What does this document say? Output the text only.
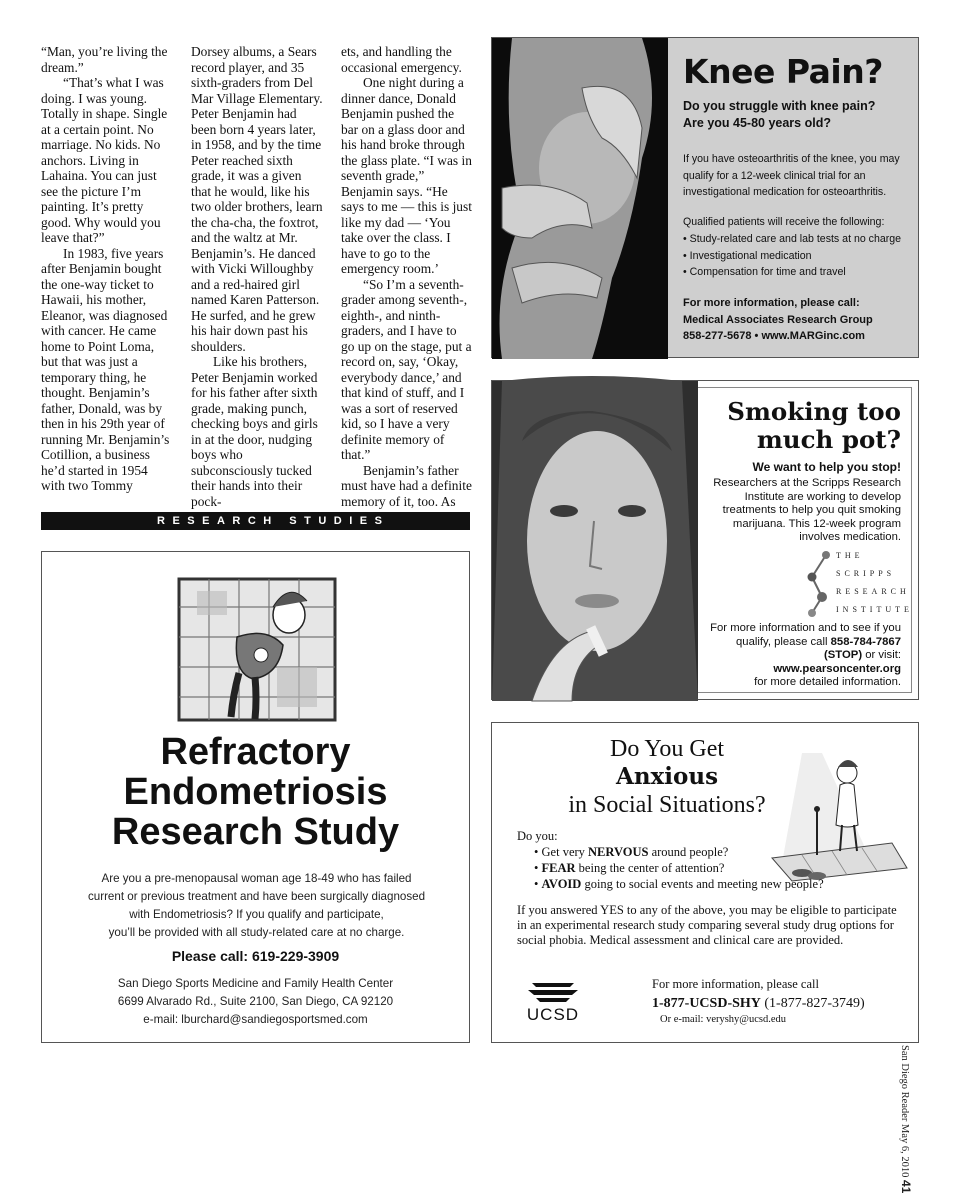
“Man, you’re living the dream.”

“That’s what I was doing. I was young. Totally in shape. Single at a certain point. No marriage. No kids. No anchors. Living in Lahaina. You can just see the picture I’m painting. It’s pretty good. Why would you leave that?”

In 1983, five years after Benjamin bought the one-way ticket to Hawaii, his mother, Eleanor, was diagnosed with cancer. He came home to Point Loma, but that was just a temporary thing, he thought. Benjamin’s father, Donald, was by then in his 29th year of running Mr. Benjamin’s Cotillion, a business he’d started in 1954 with two Tommy

Dorsey albums, a Sears record player, and 35 sixth-graders from Del Mar Village Elementary. Peter Benjamin had been born 4 years later, in 1958, and by the time Peter reached sixth grade, it was a given that he would, like his two older brothers, learn the cha-cha, the foxtrot, and the waltz at Mr. Benjamin’s. He danced with Vicki Willoughby and a red-haired girl named Karen Patterson. He surfed, and he grew his hair down past his shoulders.

Like his brothers, Peter Benjamin worked for his father after sixth grade, making punch, checking boys and girls in at the door, nudging boys who subconsciously tucked their hands into their pock-

ets, and handling the occasional emergency.

One night during a dinner dance, Donald Benjamin pushed the bar on a glass door and his hand broke through the glass plate. “I was in seventh grade,” Benjamin says. “He says to me — this is just like my dad — ‘You take over the class. I have to go to the emergency room.’

“So I’m a seventh-grader among seventh-, eighth-, and ninth-graders, and I have to go up on the stage, put a record on, say, ‘Okay, everybody dance,’ and that kind of stuff, and I was a sort of reserved kid, so I have a very definite memory of that.”

Benjamin’s father must have had a definite memory of it, too. As

RESEARCH STUDIES
Refractory
Endometriosis
Research Study
Are you a pre-menopausal woman age 18-49 who has failed
current or previous treatment and have been surgically diagnosed
with Endometriosis? If you qualify and participate,
you’ll be provided with all study-related care at no charge.
Please call: 619-229-3909
San Diego Sports Medicine and Family Health Center
6699 Alvarado Rd., Suite 2100, San Diego, CA 92120
e-mail: lburchard@sandiegosportsmed.com
Knee Pain?
Do you struggle with knee pain?
Are you 45-80 years old?
If you have osteoarthritis of the knee, you may qualify for a 12-week clinical trial for an investigational medication for osteoarthritis.
Qualified patients will receive the following:
• Study-related care and lab tests at no charge
• Investigational medication
• Compensation for time and travel
For more information, please call:
Medical Associates Research Group
858-277-5678 • www.MARGinc.com
Smoking too
much pot?
We want to help you stop!
Researchers at the Scripps Research Institute are working to develop treatments to help you quit smoking marijuana. This 12-week program involves medication.
THE
SCRIPPS
RESEARCH
INSTITUTE
For more information and to see if you qualify, please call 858-784-7867 (STOP) or visit:
www.pearsoncenter.org
for more detailed information.
Do You Get
Anxious
in Social Situations?
Do you:
• Get very NERVOUS around people?
• FEAR being the center of attention?
• AVOID going to social events and meeting new people?
If you answered YES to any of the above, you may be eligible to participate in an experimental research study comparing several study drug options for social phobia. Medical assessment and clinical care are provided.
UCSD
For more information, please call
1-877-UCSD-SHY (1-877-827-3749)
Or e-mail: veryshy@ucsd.edu
San Diego Reader May 6, 2010 41
